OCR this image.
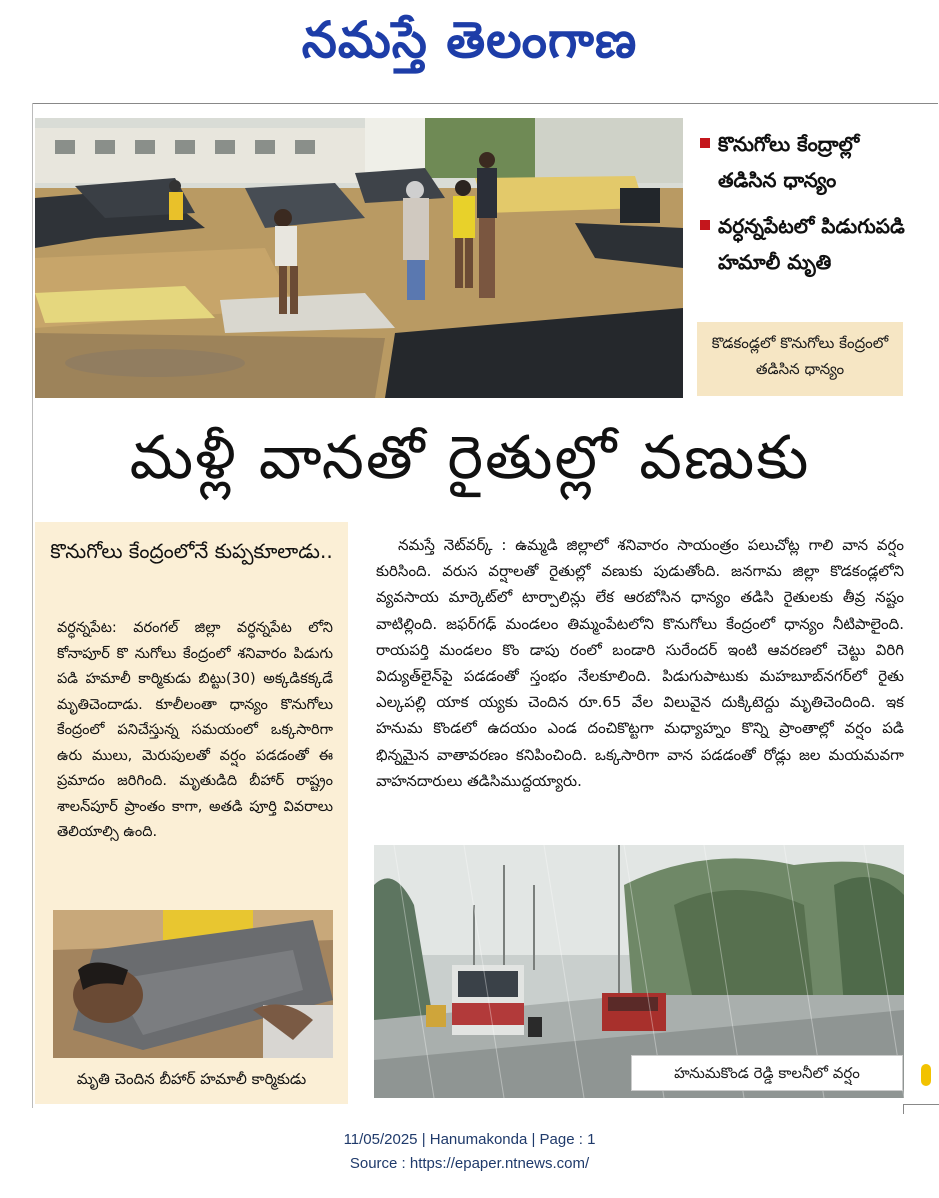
నమస్తే తెలంగాణ
కొనుగోలు కేంద్రాల్లో తడిసిన ధాన్యం
వర్ధన్నపేటలో పిడుగుపడి హమాలీ మృతి
కొడకండ్లలో కొనుగోలు కేంద్రంలో తడిసిన ధాన్యం
మళ్లీ వానతో రైతుల్లో వణుకు
కొనుగోలు కేంద్రంలోనే కుప్పకూలాడు..
వర్ధన్నపేట: వరంగల్ జిల్లా వర్ధన్నపేట లోని కోనాపూర్ కొ నుగోలు కేంద్రంలో శనివారం పిడుగు పడి హమాలీ కార్మికుడు బిట్టు(30) అక్కడికక్కడే మృతిచెందాడు. కూలీలంతా ధాన్యం కొనుగోలు కేంద్రంలో పనిచేస్తున్న సమయంలో ఒక్కసారిగా ఉరు ములు, మెరుపులతో వర్షం పడడంతో ఈ ప్రమాదం జరిగింది. మృతుడిది బీహార్ రాష్ట్రం శాలన్‌పూర్ ప్రాంతం కాగా, అతడి పూర్తి వివరాలు తెలియాల్సి ఉంది.
మృతి చెందిన బీహార్ హమాలీ కార్మికుడు
నమస్తే నెట్‌వర్క్ : ఉమ్మడి జిల్లాలో శనివారం సాయంత్రం పలుచోట్ల గాలి వాన వర్షం కురిసింది. వరుస వర్షాలతో రైతుల్లో వణుకు పుడుతోంది. జనగామ జిల్లా కొడకండ్లలోని వ్యవసాయ మార్కెట్‌లో టార్పాలిన్లు లేక ఆరబోసిన ధాన్యం తడిసి రైతులకు తీవ్ర నష్టం వాటిల్లింది. జఫర్‌గఢ్ మండలం తిమ్మంపేటలోని కొనుగోలు కేంద్రంలో ధాన్యం నీటిపాలైంది. రాయపర్తి మండలం కొం డాపు రంలో బండారి సురేందర్ ఇంటి ఆవరణలో చెట్టు విరిగి విద్యుత్‌లైన్‌పై పడడంతో స్తంభం నేలకూలింది. పిడుగుపాటుకు మహబూబ్‌నగర్‌లో రైతు ఎల్కపల్లి యాక య్యకు చెందిన రూ.65 వేల విలువైన దుక్కిటెద్దు మృతిచెందింది. ఇక హనుమ కొండలో ఉదయం ఎండ దంచికొట్టగా మధ్యాహ్నం కొన్ని ప్రాంతాల్లో వర్షం పడి భిన్నమైన వాతావరణం కనిపించింది. ఒక్కసారిగా వాన పడడంతో రోడ్లు జల మయమవగా వాహనదారులు తడిసిముద్దయ్యారు.
హనుమకొండ రెడ్డి కాలనీలో వర్షం
11/05/2025 | Hanumakonda | Page : 1
Source : https://epaper.ntnews.com/
